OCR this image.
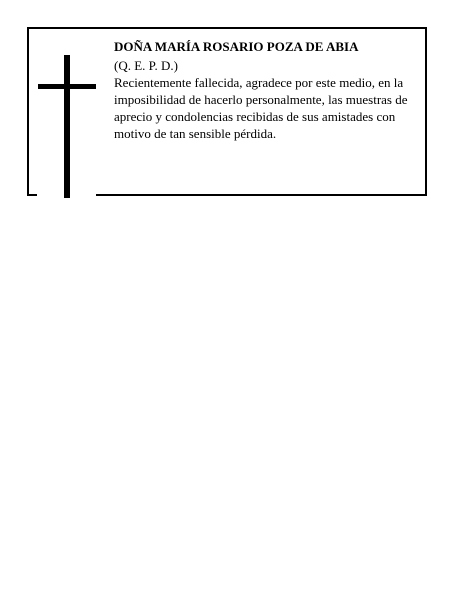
DOÑA MARÍA ROSARIO POZA DE ABIA

(Q. E. P. D.)

Recientemente fallecida, agradece por este medio, en la imposibilidad de hacerlo personalmente, las muestras de aprecio y condolencias recibidas de sus amistades con motivo de tan sensible pérdida.
